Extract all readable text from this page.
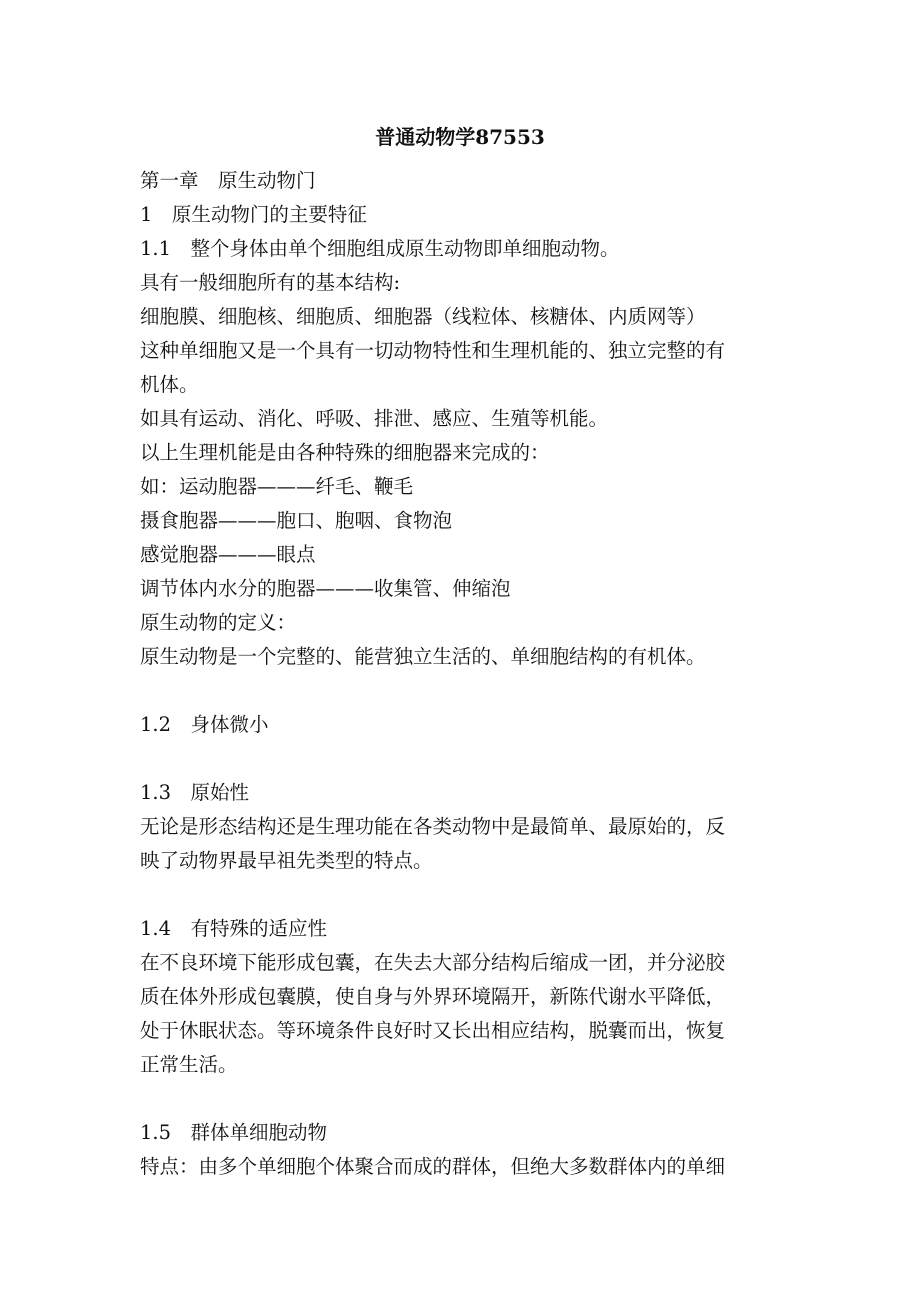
普通动物学87553
第一章　原生动物门
1　原生动物门的主要特征
1.1　整个身体由单个细胞组成原生动物即单细胞动物。
具有一般细胞所有的基本结构:
细胞膜、细胞核、细胞质、细胞器（线粒体、核糖体、内质网等）
这种单细胞又是一个具有一切动物特性和生理机能的、独立完整的有
机体。
如具有运动、消化、呼吸、排泄、感应、生殖等机能。
以上生理机能是由各种特殊的细胞器来完成的：
如：运动胞器———纤毛、鞭毛
摄食胞器———胞口、胞咽、食物泡
感觉胞器———眼点
调节体内水分的胞器———收集管、伸缩泡
原生动物的定义：
原生动物是一个完整的、能营独立生活的、单细胞结构的有机体。
1.2　身体微小
1.3　原始性
无论是形态结构还是生理功能在各类动物中是最简单、最原始的，反
映了动物界最早祖先类型的特点。
1.4　有特殊的适应性
在不良环境下能形成包囊，在失去大部分结构后缩成一团，并分泌胶
质在体外形成包囊膜，使自身与外界环境隔开，新陈代谢水平降低，
处于休眠状态。等环境条件良好时又长出相应结构，脱囊而出，恢复
正常生活。
1.5　群体单细胞动物
特点：由多个单细胞个体聚合而成的群体，但绝大多数群体内的单细
